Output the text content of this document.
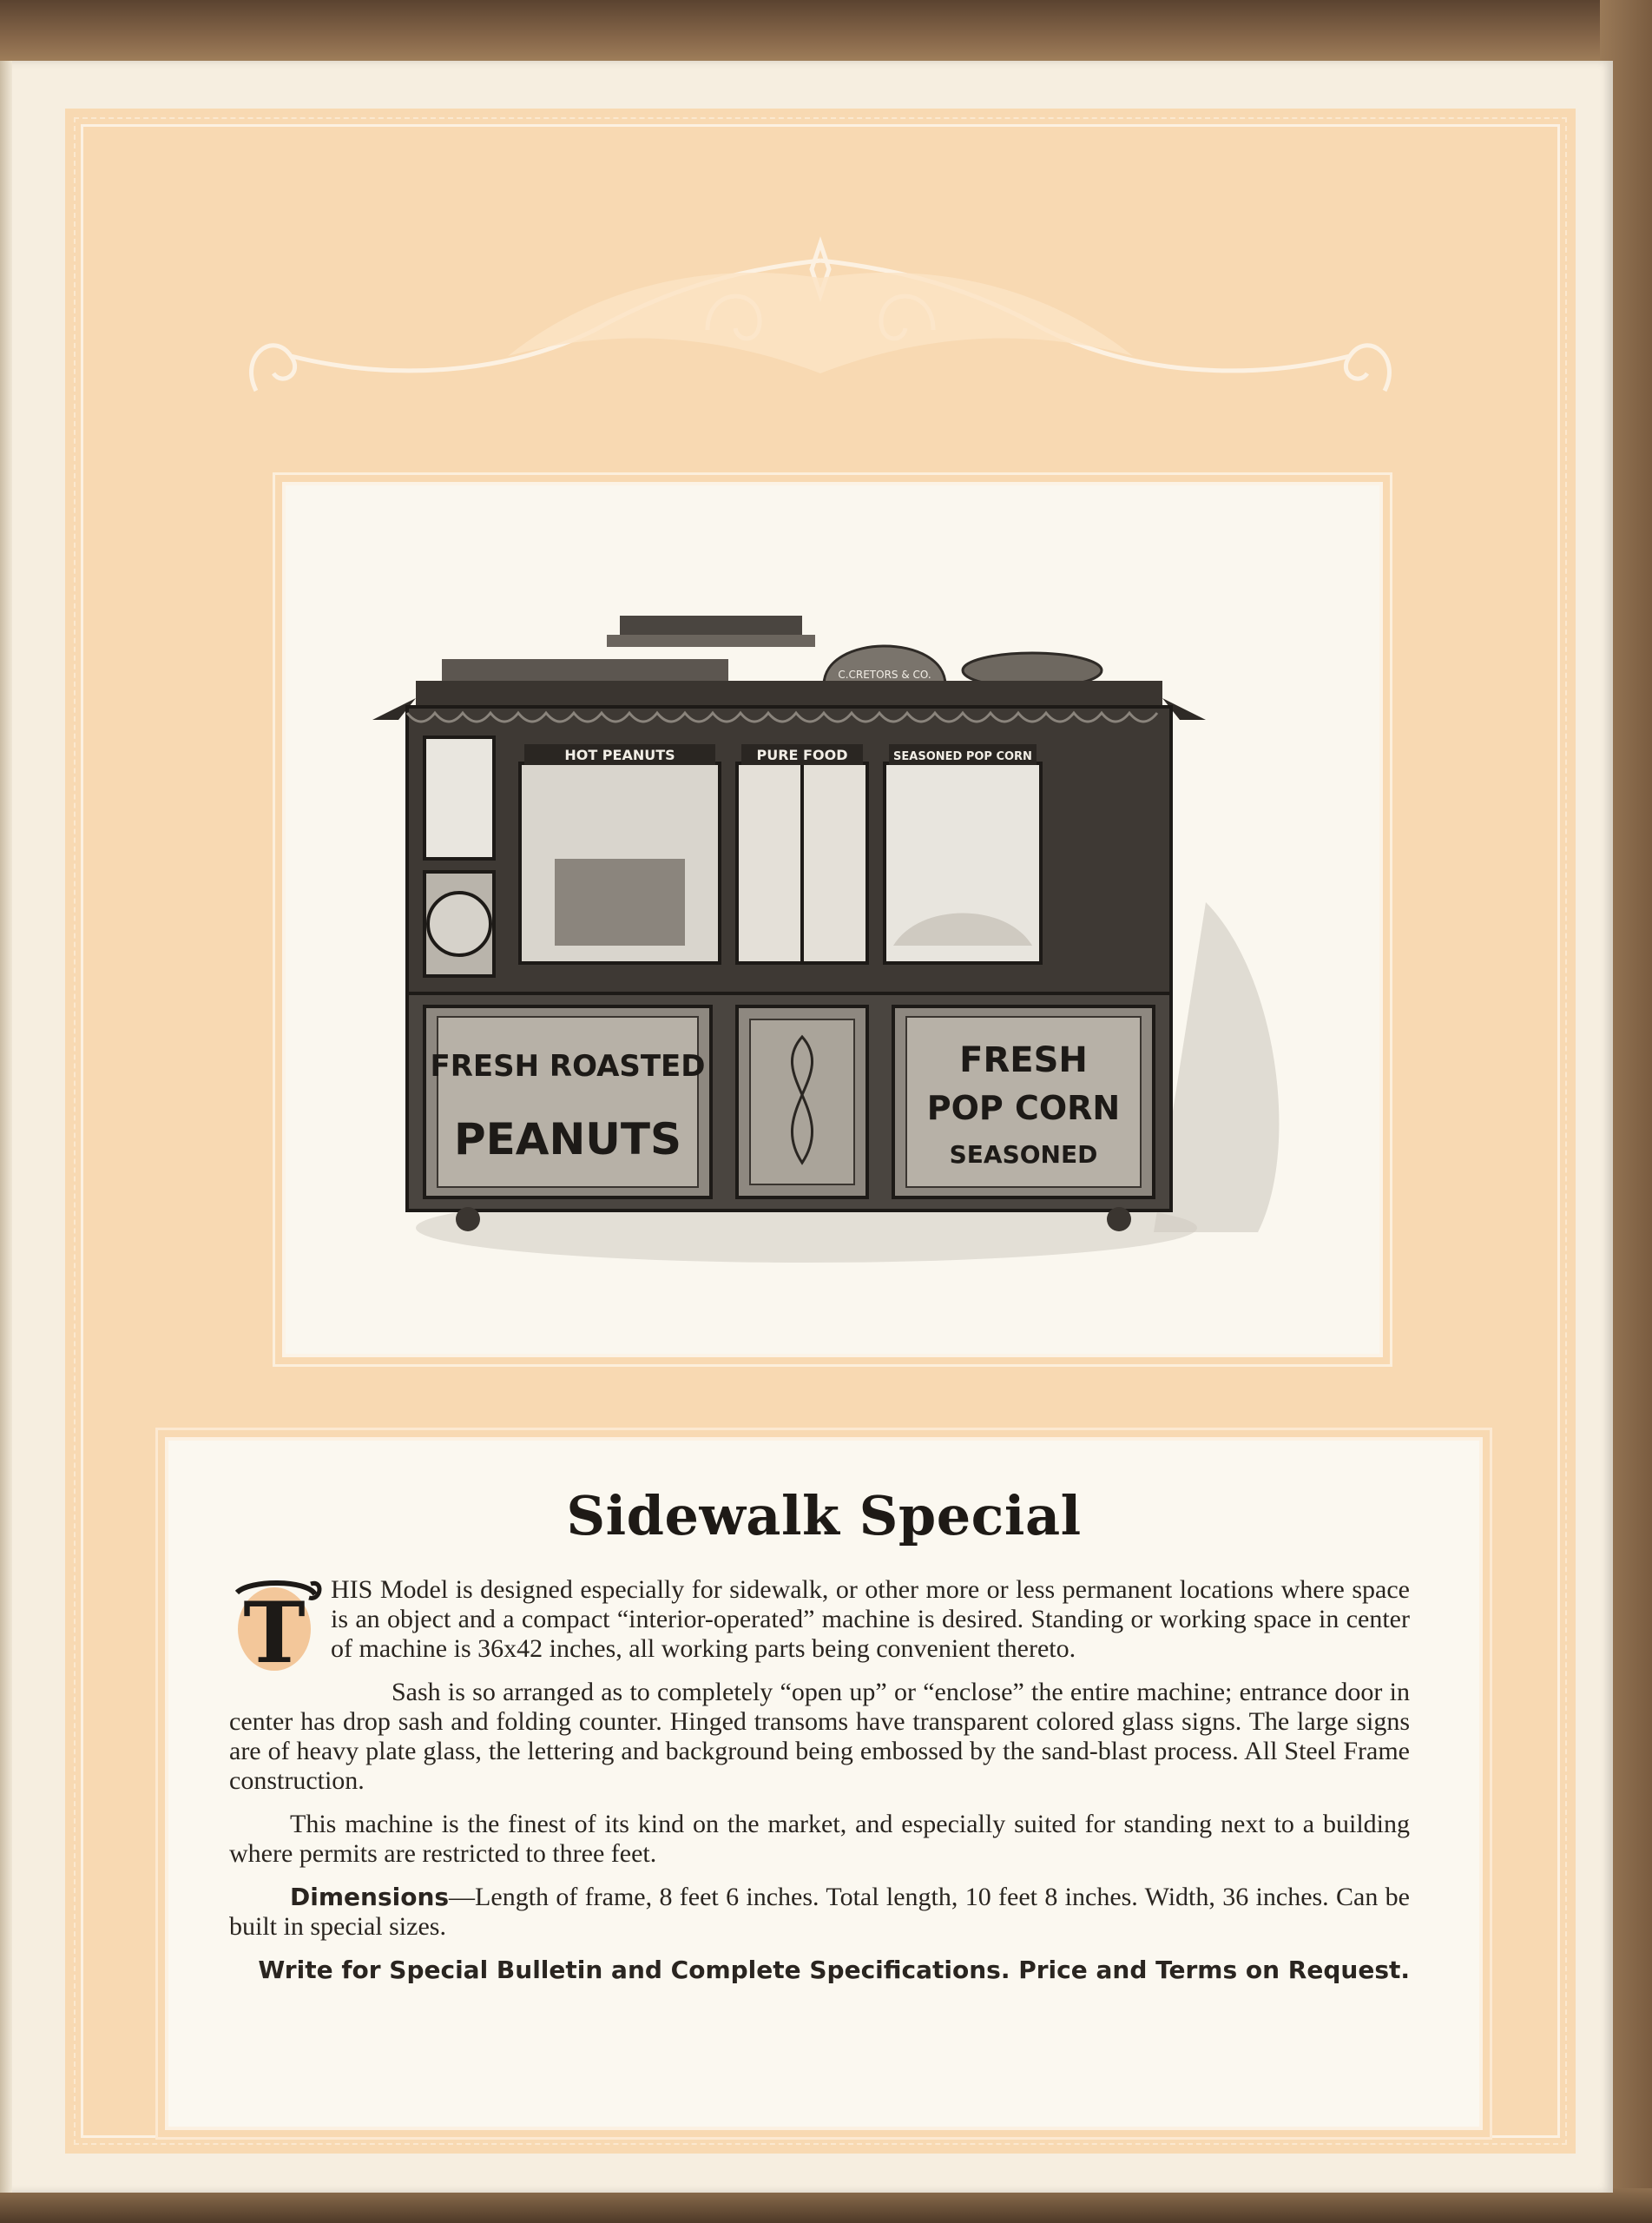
HOT PEANUTS	PURE FOOD	SEASONED POP CORN
C.CRETORS & CO.
FRESH ROASTED
PEANUTS
FRESH
POP CORN
SEASONED
Sidewalk Special

T HIS Model is designed especially for sidewalk, or other more or less permanent locations where space is an object and a compact “interior-operated” machine is desired. Standing or working space in center of machine is 36x42 inches, all working parts being convenient thereto.

Sash is so arranged as to completely “open up” or “enclose” the entire machine; entrance door in center has drop sash and folding counter. Hinged transoms have transparent colored glass signs. The large signs are of heavy plate glass, the lettering and background being embossed by the sand-blast process. All Steel Frame construction.

This machine is the finest of its kind on the market, and especially suited for standing next to a building where permits are restricted to three feet.

Dimensions—Length of frame, 8 feet 6 inches. Total length, 10 feet 8 inches. Width, 36 inches. Can be built in special sizes.

Write for Special Bulletin and Complete Specifications. Price and Terms on Request.
